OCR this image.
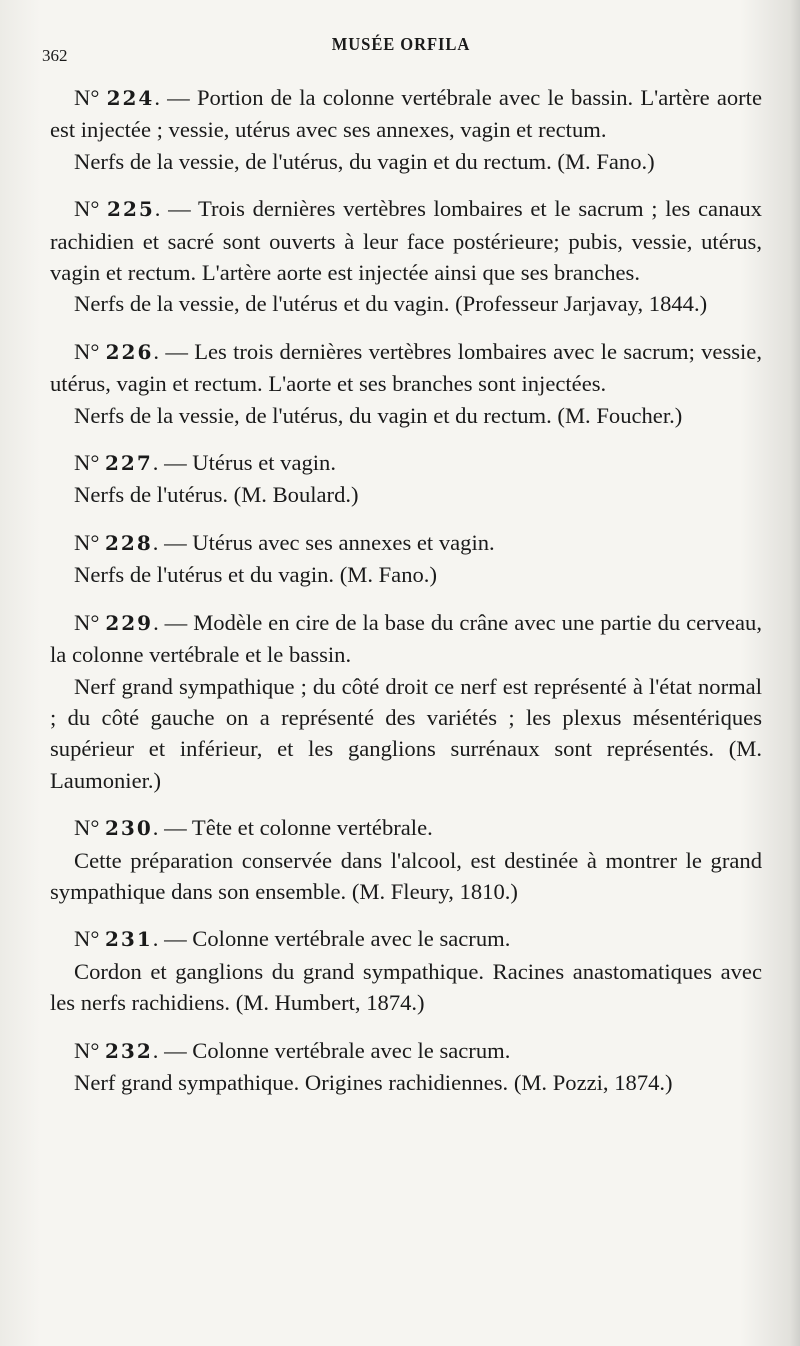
362
MUSÉE ORFILA

N° 224. — Portion de la colonne vertébrale avec le bassin. L'artère aorte est injectée ; vessie, utérus avec ses annexes, vagin et rectum.

Nerfs de la vessie, de l'utérus, du vagin et du rectum. (M. Fano.)

N° 225. — Trois dernières vertèbres lombaires et le sacrum ; les canaux rachidien et sacré sont ouverts à leur face postérieure; pubis, vessie, utérus, vagin et rectum. L'artère aorte est injectée ainsi que ses branches.

Nerfs de la vessie, de l'utérus et du vagin. (Professeur Jarjavay, 1844.)

N° 226. — Les trois dernières vertèbres lombaires avec le sacrum; vessie, utérus, vagin et rectum. L'aorte et ses branches sont injectées.

Nerfs de la vessie, de l'utérus, du vagin et du rectum. (M. Foucher.)

N° 227. — Utérus et vagin.

Nerfs de l'utérus. (M. Boulard.)

N° 228. — Utérus avec ses annexes et vagin.

Nerfs de l'utérus et du vagin. (M. Fano.)

N° 229. — Modèle en cire de la base du crâne avec une partie du cerveau, la colonne vertébrale et le bassin.

Nerf grand sympathique ; du côté droit ce nerf est représenté à l'état normal ; du côté gauche on a représenté des variétés ; les plexus mésentériques supérieur et inférieur, et les ganglions surrénaux sont représentés. (M. Laumonier.)

N° 230. — Tête et colonne vertébrale.

Cette préparation conservée dans l'alcool, est destinée à montrer le grand sympathique dans son ensemble. (M. Fleury, 1810.)

N° 231. — Colonne vertébrale avec le sacrum.

Cordon et ganglions du grand sympathique. Racines anastomatiques avec les nerfs rachidiens. (M. Humbert, 1874.)

N° 232. — Colonne vertébrale avec le sacrum.

Nerf grand sympathique. Origines rachidiennes. (M. Pozzi, 1874.)
